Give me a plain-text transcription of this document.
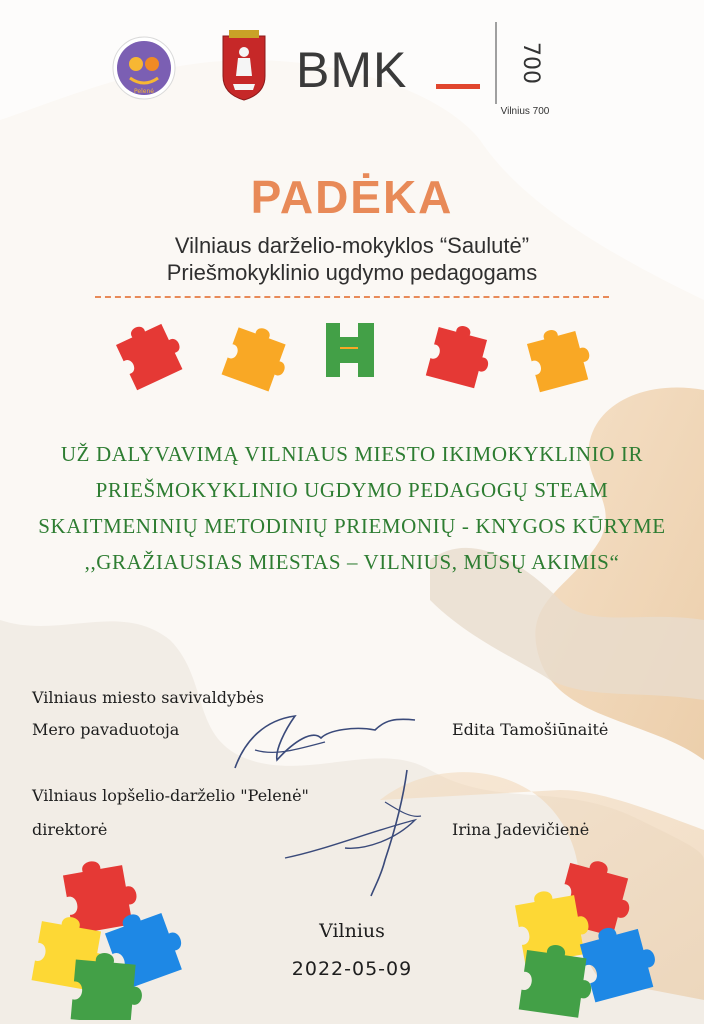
Pelenė	BMK	700
Vilnius 700
PADĖKA
Vilniaus darželio-mokyklos “Saulutė”
Priešmokyklinio ugdymo pedagogams
UŽ DALYVAVIMĄ VILNIAUS MIESTO IKIMOKYKLINIO IR
PRIEŠMOKYKLINIO UGDYMO PEDAGOGŲ STEAM
SKAITMENINIŲ METODINIŲ PRIEMONIŲ - KNYGOS KŪRYME
,,GRAŽIAUSIAS MIESTAS – VILNIUS, MŪSŲ AKIMIS“
Vilniaus miesto savivaldybės
Mero pavaduotoja	Edita Tamošiūnaitė
Vilniaus lopšelio-darželio "Pelenė"
direktorė	Irina Jadevičienė
Vilnius
2022-05-09
